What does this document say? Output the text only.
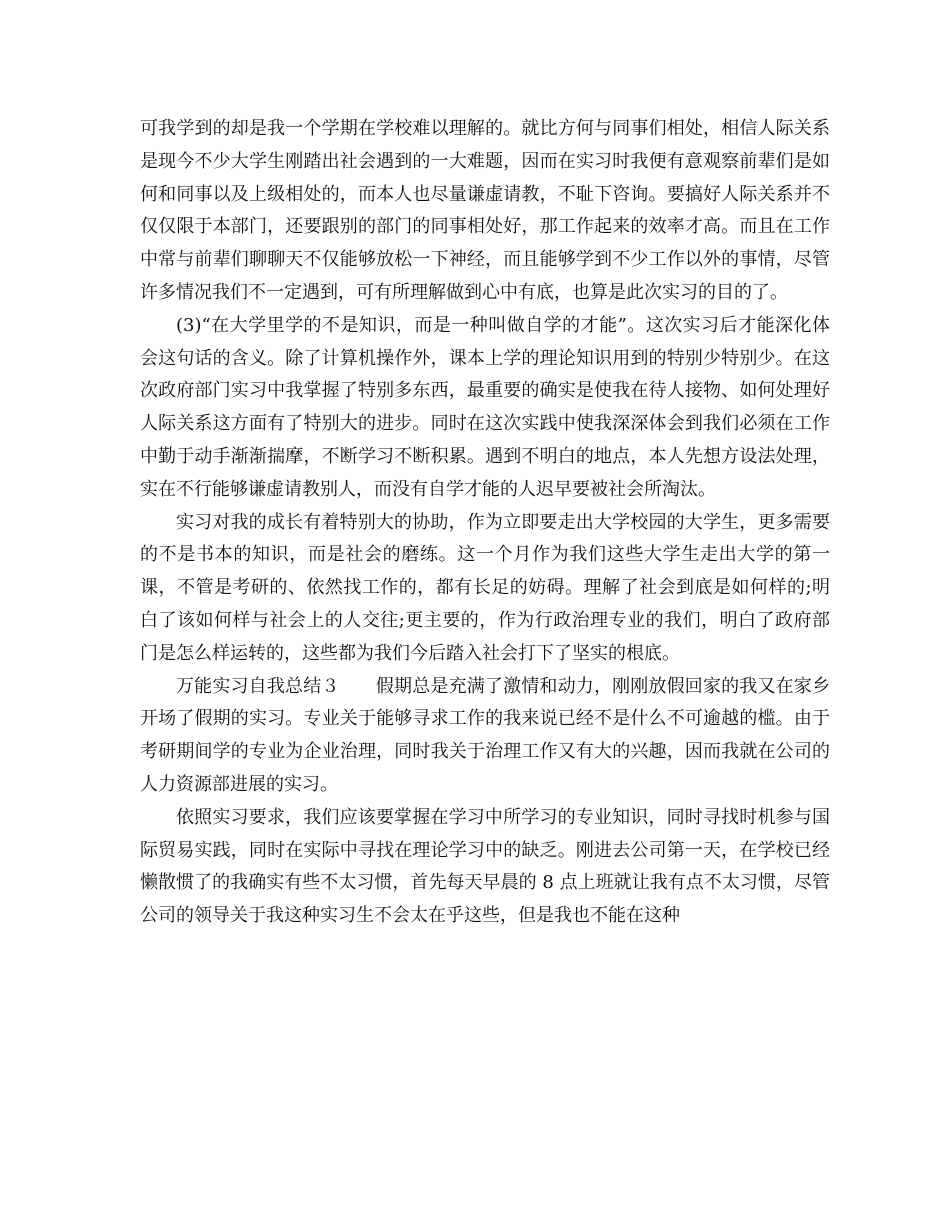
可我学到的却是我一个学期在学校难以理解的。就比方何与同事们相处，相信人际关系是现今不少大学生刚踏出社会遇到的一大难题，因而在实习时我便有意观察前辈们是如何和同事以及上级相处的，而本人也尽量谦虚请教，不耻下咨询。要搞好人际关系并不仅仅限于本部门，还要跟别的部门的同事相处好，那工作起来的效率才高。而且在工作中常与前辈们聊聊天不仅能够放松一下神经，而且能够学到不少工作以外的事情，尽管许多情况我们不一定遇到，可有所理解做到心中有底，也算是此次实习的目的了。

(3)“在大学里学的不是知识，而是一种叫做自学的才能”。这次实习后才能深化体会这句话的含义。除了计算机操作外，课本上学的理论知识用到的特别少特别少。在这次政府部门实习中我掌握了特别多东西，最重要的确实是使我在待人接物、如何处理好人际关系这方面有了特别大的进步。同时在这次实践中使我深深体会到我们必须在工作中勤于动手渐渐揣摩，不断学习不断积累。遇到不明白的地点，本人先想方设法处理，实在不行能够谦虚请教别人，而没有自学才能的人迟早要被社会所淘汰。

实习对我的成长有着特别大的协助，作为立即要走出大学校园的大学生，更多需要的不是书本的知识，而是社会的磨练。这一个月作为我们这些大学生走出大学的第一课，不管是考研的、依然找工作的，都有长足的妨碍。理解了社会到底是如何样的;明白了该如何样与社会上的人交往;更主要的，作为行政治理专业的我们，明白了政府部门是怎么样运转的，这些都为我们今后踏入社会打下了坚实的根底。

万能实习自我总结３　　假期总是充满了激情和动力，刚刚放假回家的我又在家乡开场了假期的实习。专业关于能够寻求工作的我来说已经不是什么不可逾越的槛。由于考研期间学的专业为企业治理，同时我关于治理工作又有大的兴趣，因而我就在公司的人力资源部进展的实习。

依照实习要求，我们应该要掌握在学习中所学习的专业知识，同时寻找时机参与国际贸易实践，同时在实际中寻找在理论学习中的缺乏。刚进去公司第一天，在学校已经懒散惯了的我确实有些不太习惯，首先每天早晨的 8 点上班就让我有点不太习惯，尽管公司的领导关于我这种实习生不会太在乎这些，但是我也不能在这种
